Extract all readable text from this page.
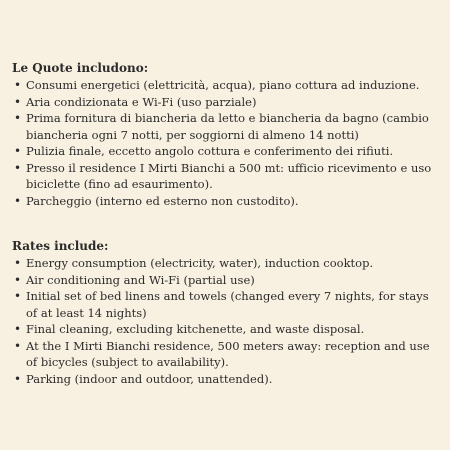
Le Quote includono:

• Consumi energetici (elettricità, acqua), piano cottura ad induzione.
• Aria condizionata e Wi-Fi (uso parziale)
• Prima fornitura di biancheria da letto e biancheria da bagno (cambio biancheria ogni 7 notti, per soggiorni di almeno 14 notti)
• Pulizia finale, eccetto angolo cottura e conferimento dei rifiuti.
• Presso il residence I Mirti Bianchi a 500 mt: ufficio ricevimento e uso biciclette (fino ad esaurimento).
• Parcheggio (interno ed esterno non custodito).

Rates include:

• Energy consumption (electricity, water), induction cooktop.
• Air conditioning and Wi-Fi (partial use)
• Initial set of bed linens and towels (changed every 7 nights, for stays of at least 14 nights)
• Final cleaning, excluding kitchenette, and waste disposal.
• At the I Mirti Bianchi residence, 500 meters away: reception and use of bicycles (subject to availability).
• Parking (indoor and outdoor, unattended).
